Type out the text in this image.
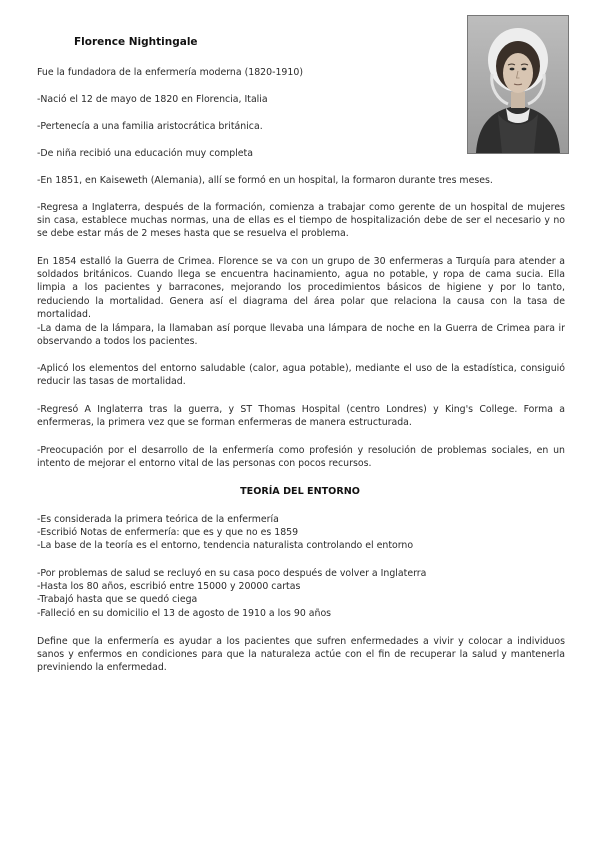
Florence Nightingale

Fue la fundadora de la enfermería moderna (1820-1910)

-Nació el 12 de mayo de 1820 en Florencia, Italia

-Pertenecía a una familia aristocrática británica.

-De niña recibió una educación muy completa

-En 1851, en Kaiseweth (Alemania), allí se formó en un hospital, la formaron durante tres meses.

-Regresa a Inglaterra, después de la formación, comienza a trabajar como gerente de un hospital de mujeres sin casa, establece muchas normas, una de ellas es el tiempo de hospitalización debe de ser el necesario y no se debe estar más de 2 meses hasta que se resuelva el problema.

En 1854 estalló la Guerra de Crimea. Florence se va con un grupo de 30 enfermeras a Turquía para atender a soldados británicos. Cuando llega se encuentra hacinamiento, agua no potable, y ropa de cama sucia. Ella limpia a los pacientes y barracones, mejorando los procedimientos básicos de higiene y por lo tanto, reduciendo la mortalidad. Genera así el diagrama del área polar que relaciona la causa con la tasa de mortalidad.

-La dama de la lámpara, la llamaban así porque llevaba una lámpara de noche en la Guerra de Crimea para ir observando a todos los pacientes.

-Aplicó los elementos del entorno saludable (calor, agua potable), mediante el uso de la estadística, consiguió reducir las tasas de mortalidad.

-Regresó A Inglaterra tras la guerra, y ST Thomas Hospital (centro Londres) y King's College. Forma a enfermeras, la primera vez que se forman enfermeras de manera estructurada.

-Preocupación por el desarrollo de la enfermería como profesión y resolución de problemas sociales, en un intento de mejorar el entorno vital de las personas con pocos recursos.

TEORÍA DEL ENTORNO
-Es considerada la primera teórica de la enfermería
-Escribió Notas de enfermería: que es y que no es 1859
-La base de la teoría es el entorno, tendencia naturalista controlando el entorno
-Por problemas de salud se recluyó en su casa poco después de volver a Inglaterra
-Hasta los 80 años, escribió entre 15000 y 20000 cartas
-Trabajó hasta que se quedó ciega
-Falleció en su domicilio el 13 de agosto de 1910 a los 90 años

Define que la enfermería es ayudar a los pacientes que sufren enfermedades a vivir y colocar a individuos sanos y enfermos en condiciones para que la naturaleza actúe con el fin de recuperar la salud y mantenerla previniendo la enfermedad.
